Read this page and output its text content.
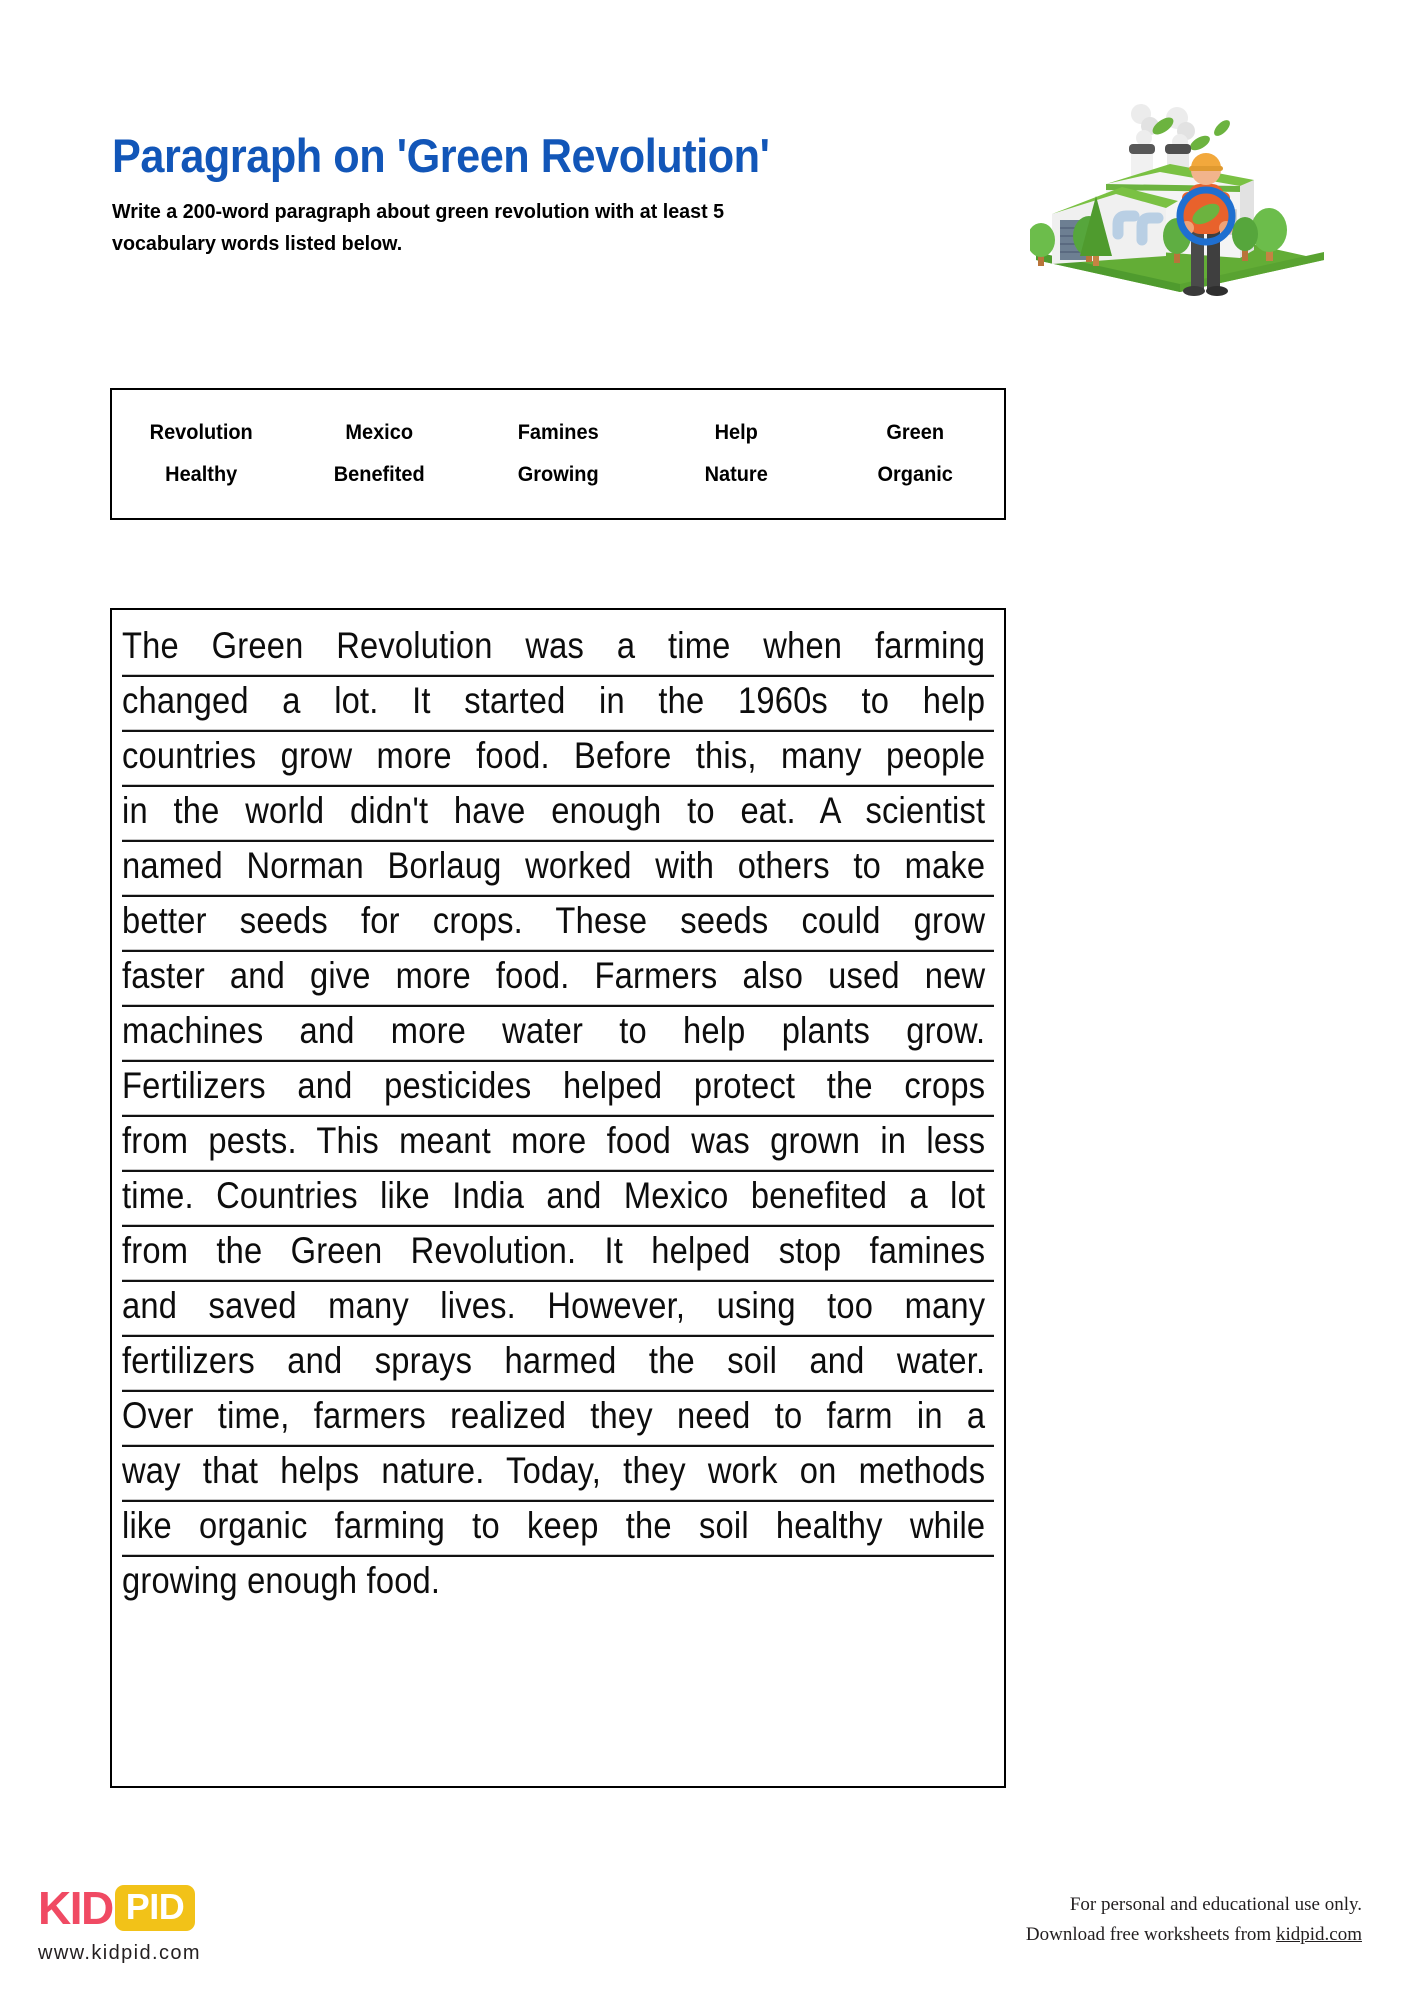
Paragraph on 'Green Revolution'
Write a 200-word paragraph about green revolution with at least 5 vocabulary words listed below.
Revolution	Mexico	Famines	Help	Green
Healthy	Benefited	Growing	Nature	Organic
The Green Revolution was a time when farming
changed a lot. It started in the 1960s to help
countries grow more food. Before this, many people
in the world didn't have enough to eat. A scientist
named Norman Borlaug worked with others to make
better seeds for crops. These seeds could grow
faster and give more food. Farmers also used new
machines and more water to help plants grow.
Fertilizers and pesticides helped protect the crops
from pests. This meant more food was grown in less
time. Countries like India and Mexico benefited a lot
from the Green Revolution. It helped stop famines
and saved many lives. However, using too many
fertilizers and sprays harmed the soil and water.
Over time, farmers realized they need to farm in a
way that helps nature. Today, they work on methods
like organic farming to keep the soil healthy while
growing enough food.
KID PID
www.kidpid.com
For personal and educational use only.
Download free worksheets from kidpid.com
